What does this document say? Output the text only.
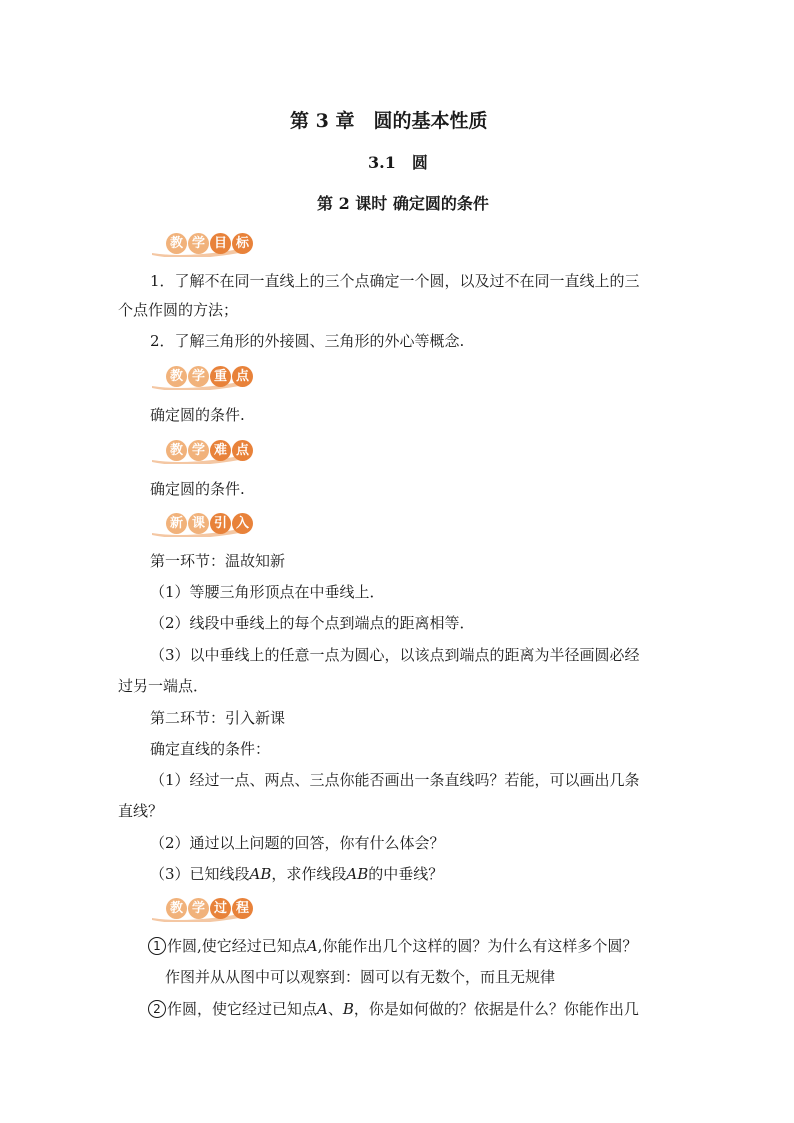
第 3 章　圆的基本性质
3.1　圆
第 2 课时 确定圆的条件
教 学 目 标
1．了解不在同一直线上的三个点确定一个圆，以及过不在同一直线上的三
个点作圆的方法；
2．了解三角形的外接圆、三角形的外心等概念.
教 学 重 点
确定圆的条件.
教 学 难 点
确定圆的条件.
新 课 引 入
第一环节：温故知新
（1）等腰三角形顶点在中垂线上．
（2）线段中垂线上的每个点到端点的距离相等．
（3）以中垂线上的任意一点为圆心，以该点到端点的距离为半径画圆必经
过另一端点．
第二环节：引入新课
确定直线的条件：
（1）经过一点、两点、三点你能否画出一条直线吗？若能，可以画出几条
直线？
（2）通过以上问题的回答，你有什么体会？
（3）已知线段AB，求作线段AB的中垂线？
教 学 过 程
1 作圆,使它经过已知点A,你能作出几个这样的圆？为什么有这样多个圆？
作图并从从图中可以观察到：圆可以有无数个，而且无规律
2 作圆，使它经过已知点A、B，你是如何做的？依据是什么？你能作出几
